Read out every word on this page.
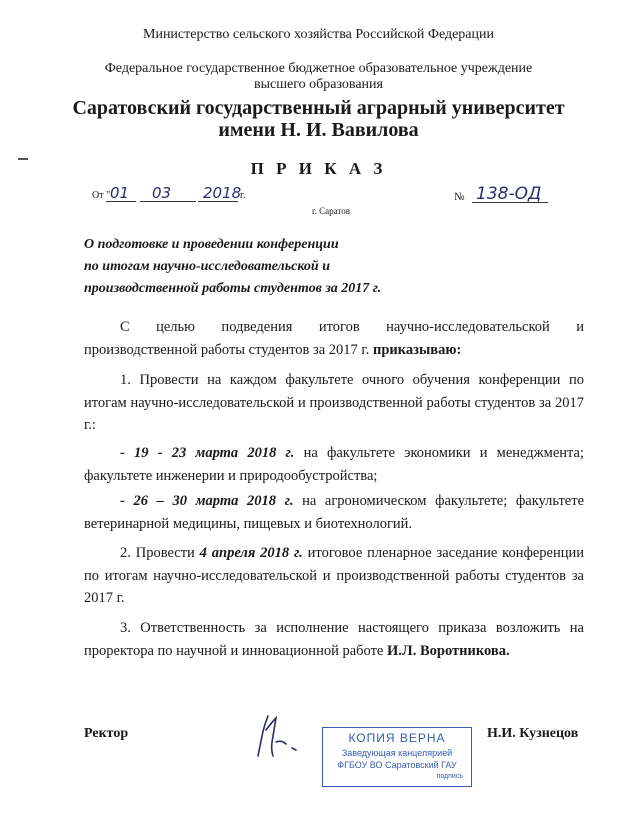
Министерство сельского хозяйства Российской Федерации
Федеральное государственное бюджетное образовательное учреждение
высшего образования
Саратовский государственный аграрный университет
имени Н. И. Вавилова
П Р И К А З
От " 01 03 2018
г.
г. Саратов
№ 138-ОД
О подготовке и проведении конференции
по итогам научно-исследовательской и
производственной работы студентов за 2017 г.
С целью подведения итогов научно-исследовательской и производственной работы студентов за 2017 г. приказываю:
1. Провести на каждом факультете очного обучения конференции по итогам научно-исследовательской и производственной работы студентов за 2017 г.:
- 19 - 23 марта 2018 г. на факультете экономики и менеджмента; факультете инженерии и природообустройства;
- 26 – 30 марта 2018 г. на агрономическом факультете; факультете ветеринарной медицины, пищевых и биотехнологий.
2. Провести 4 апреля 2018 г. итоговое пленарное заседание конференции по итогам научно-исследовательской и производственной работы студентов за 2017 г.
3. Ответственность за исполнение настоящего приказа возложить на проректора по научной и инновационной работе И.Л. Воротникова.
Ректор	КОПИЯ ВЕРНА
Заведующая канцелярией
ФГБОУ ВО Саратовский ГАУ
подпись
Н.И. Кузнецов
